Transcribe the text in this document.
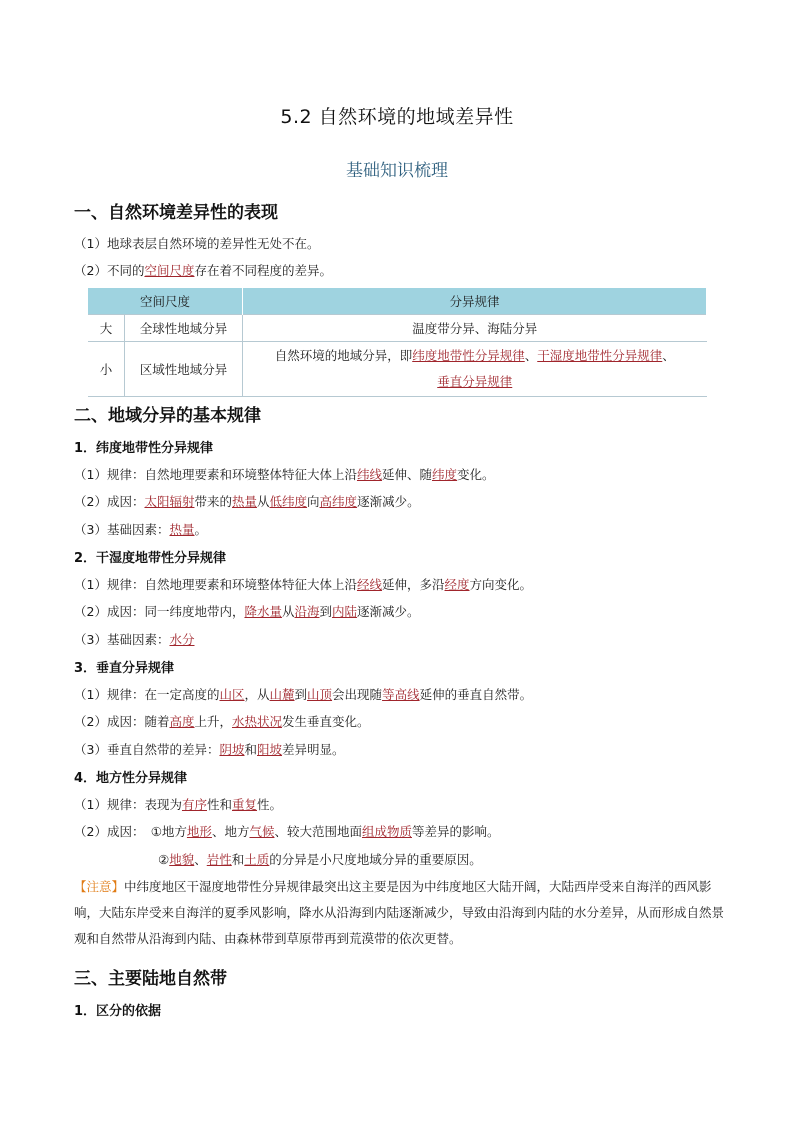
5.2 自然环境的地域差异性
基础知识梳理
一、自然环境差异性的表现
（1）地球表层自然环境的差异性无处不在。
（2）不同的空间尺度存在着不同程度的差异。
空间尺度		分异规律
大	全球性地域分异	温度带分异、海陆分异
小	区域性地域分异	自然环境的地域分异，即纬度地带性分异规律、干湿度地带性分异规律、
垂直分异规律
二、地域分异的基本规律
1．纬度地带性分异规律
（1）规律：自然地理要素和环境整体特征大体上沿纬线延伸、随纬度变化。
（2）成因：太阳辐射带来的热量从低纬度向高纬度逐渐减少。
（3）基础因素：热量。
2．干湿度地带性分异规律
（1）规律：自然地理要素和环境整体特征大体上沿经线延伸，多沿经度方向变化。
（2）成因：同一纬度地带内，降水量从沿海到内陆逐渐减少。
（3）基础因素：水分
3．垂直分异规律
（1）规律：在一定高度的山区，从山麓到山顶会出现随等高线延伸的垂直自然带。
（2）成因：随着高度上升，水热状况发生垂直变化。
（3）垂直自然带的差异：阴坡和阳坡差异明显。
4．地方性分异规律
（1）规律：表现为有序性和重复性。
（2）成因：　①地方地形、地方气候、较大范围地面组成物质等差异的影响。
②地貌、岩性和土质的分异是小尺度地域分异的重要原因。
【注意】中纬度地区干湿度地带性分异规律最突出这主要是因为中纬度地区大陆开阔，大陆西岸受来自海洋的西风影响，大陆东岸受来自海洋的夏季风影响，降水从沿海到内陆逐渐减少，导致由沿海到内陆的水分差异，从而形成自然景观和自然带从沿海到内陆、由森林带到草原带再到荒漠带的依次更替。
三、主要陆地自然带
1．区分的依据
